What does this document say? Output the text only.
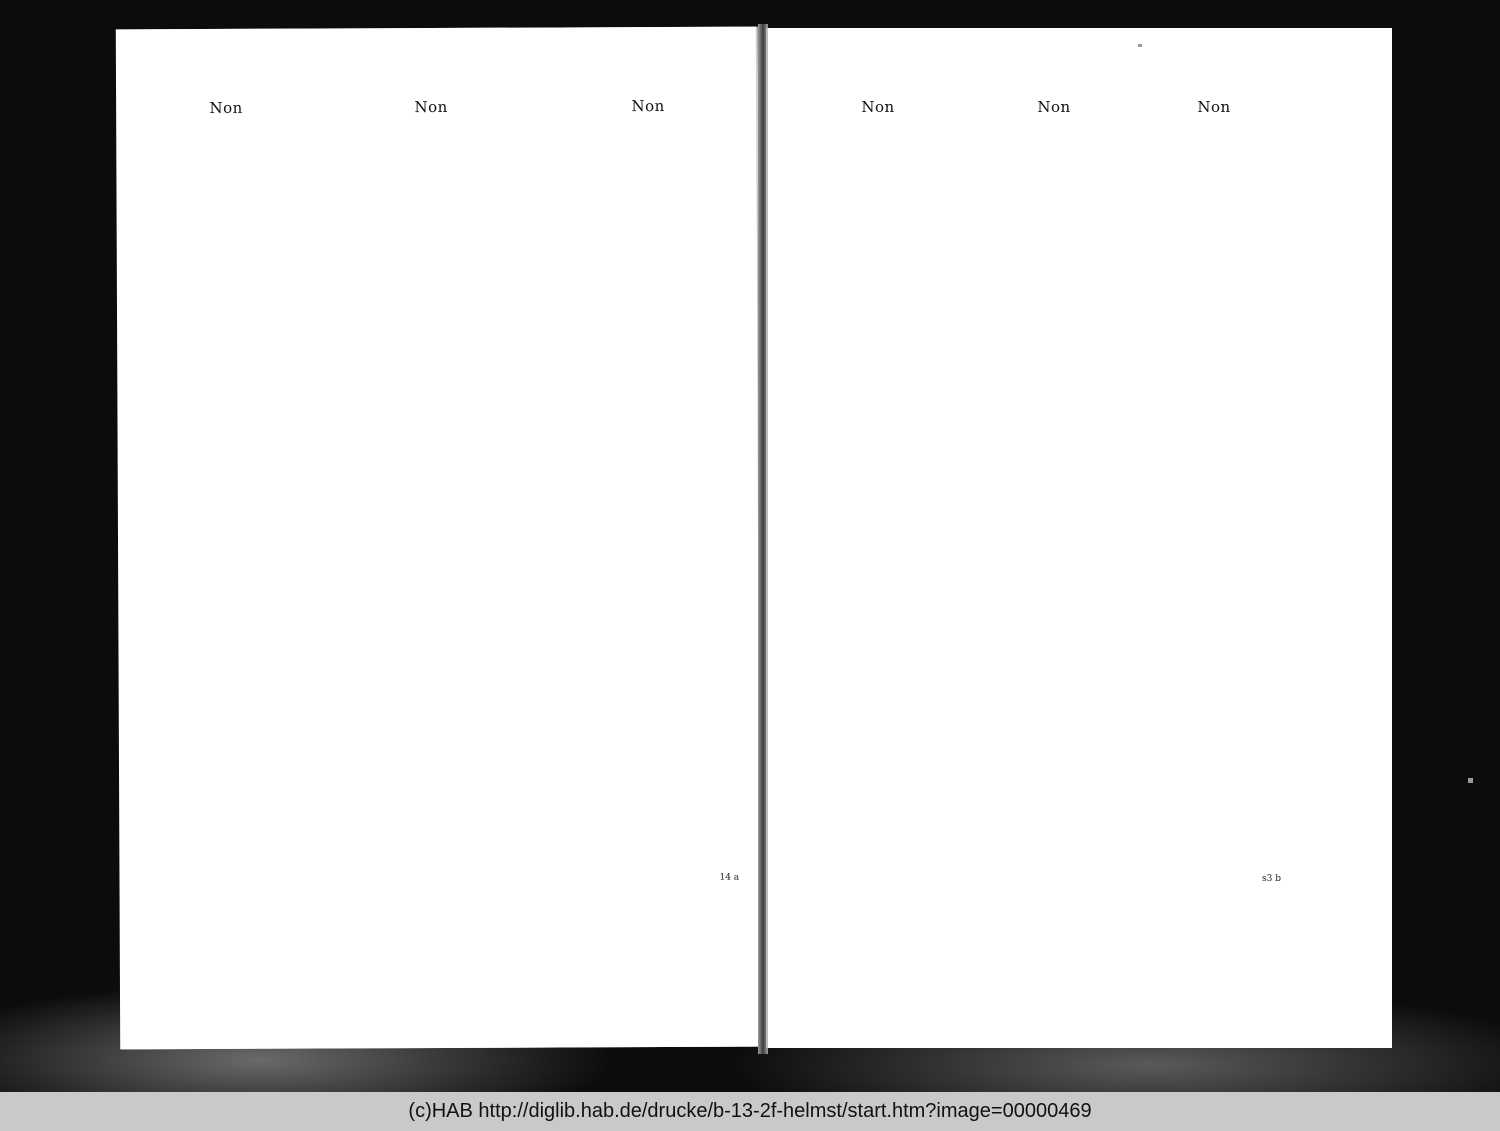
Non	Non	Non
14 a
Non	Non	Non
s3 b
(c)HAB http://diglib.hab.de/drucke/b-13-2f-helmst/start.htm?image=00000469
